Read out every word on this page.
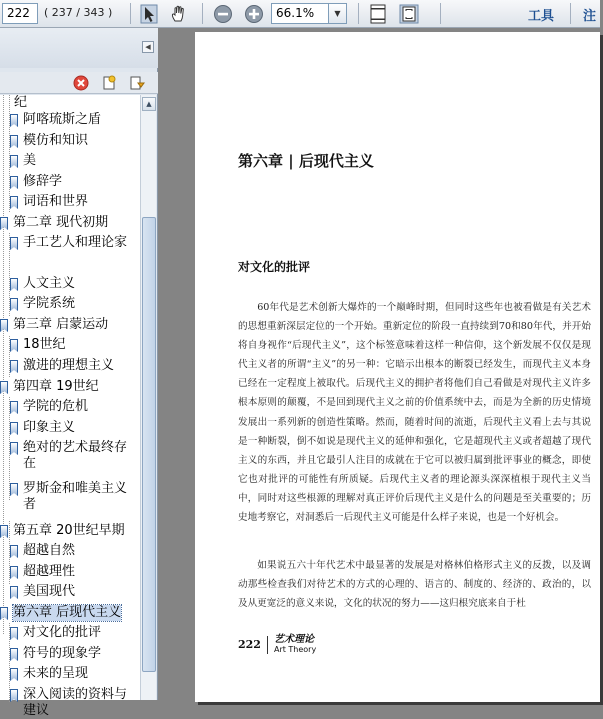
222	( 237 / 343 )	66.1%	▼	工具 注
◀
纪
阿喀琉斯之盾
模仿和知识
美
修辞学
词语和世界
第二章 现代初期
手工艺人和理论家
人文主义
学院系统
第三章 启蒙运动
18世纪
激进的理想主义
第四章 19世纪
学院的危机
印象主义
绝对的艺术最终存在
罗斯金和唯美主义者
第五章 20世纪早期
超越自然
超越理性
美国现代
第六章 后现代主义
对文化的批评
符号的现象学
未来的呈现
深入阅读的资料与建议
▲
第六章 | 后现代主义
对文化的批评
60年代是艺术创新大爆炸的一个巅峰时期，但同时这些年也被看做是有关艺术的思想重新深层定位的一个开始。重新定位的阶段一直持续到70和80年代，并开始将自身视作“后现代主义”，这个标签意味着这样一种信仰，这个新发展不仅仅是现代主义者的所谓“主义”的另一种：它暗示出根本的断裂已经发生，而现代主义本身已经在一定程度上被取代。后现代主义的拥护者将他们自己看做是对现代主义许多根本原则的颠覆，不是回到现代主义之前的价值系统中去，而是为全新的历史情境发展出一系列新的创造性策略。然而，随着时间的流逝，后现代主义看上去与其说是一种断裂，倒不如说是现代主义的延伸和强化，它是超现代主义或者超越了现代主义的东西，并且它最引人注目的成就在于它可以被归属到批评事业的概念，即使它也对批评的可能性有所质疑。后现代主义者的理论源头深深植根于现代主义当中，同时对这些根源的理解对真正评价后现代主义是什么的问题是至关重要的；历史地考察它，对洞悉后一后现代主义可能是什么样子来说，也是一个好机会。
如果说五六十年代艺术中最显著的发展是对格林伯格形式主义的反拨，以及调动那些检查我们对待艺术的方式的心理的、语言的、制度的、经济的、政治的，以及从更宽泛的意义来说，文化的状况的努力——这归根究底来自于杜
222 艺术理论
Art Theory
